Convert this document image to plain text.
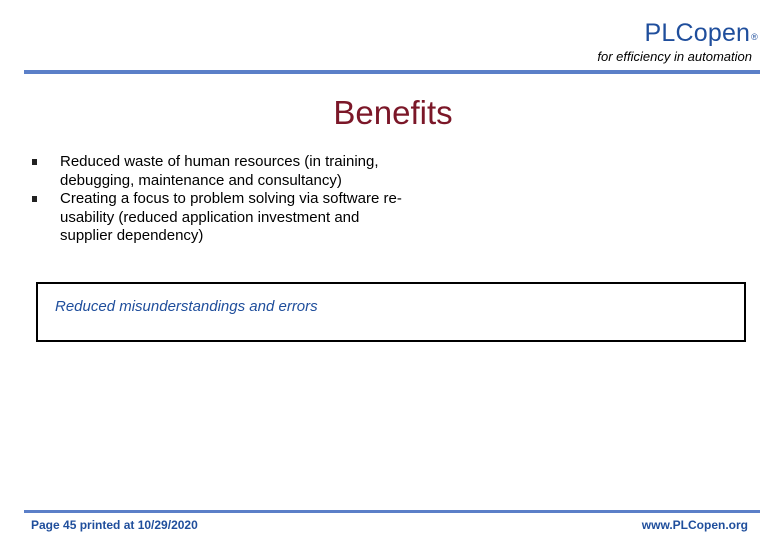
PLCopen®
for efficiency in automation
Benefits
Reduced waste of human resources (in training, debugging, maintenance and consultancy)
Creating a focus to problem solving via software re-usability (reduced application investment and supplier dependency)
Reduced misunderstandings and errors
Page 45 printed at 10/29/2020	www.PLCopen.org
